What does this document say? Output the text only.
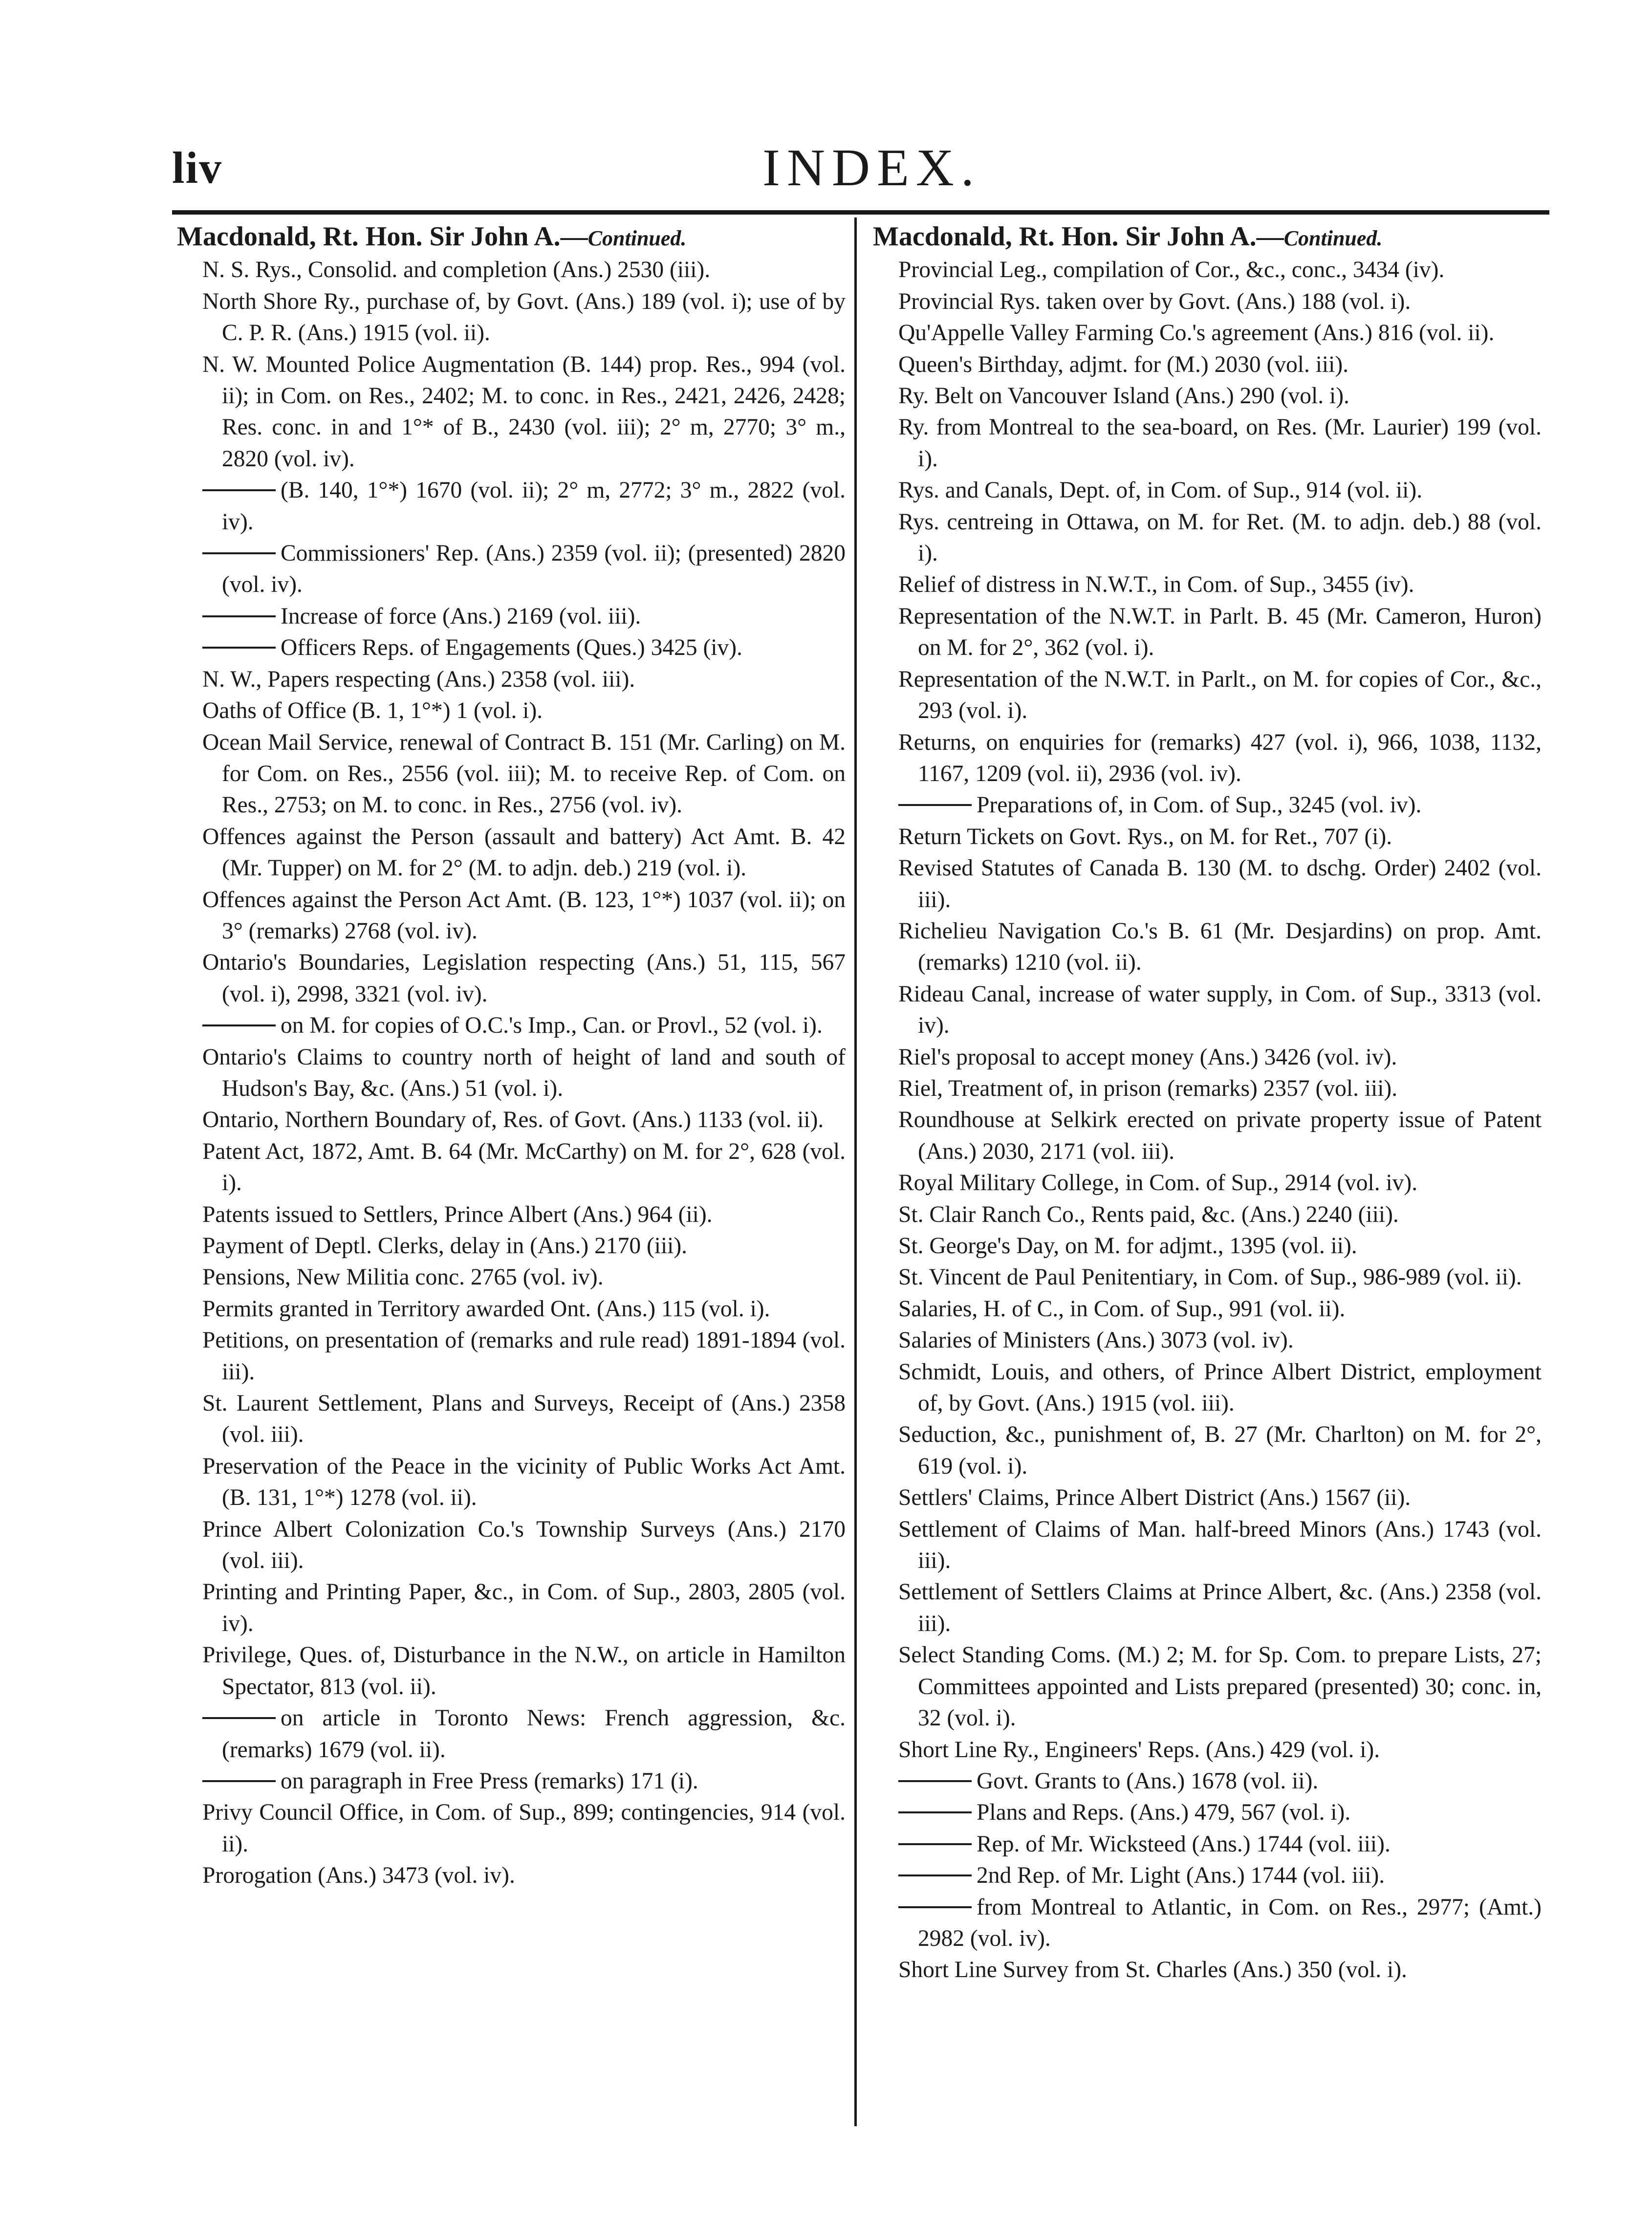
liv	INDEX.
Macdonald, Rt. Hon. Sir John A.—Continued.
N. S. Rys., Consolid. and completion (Ans.) 2530 (iii).
North Shore Ry., purchase of, by Govt. (Ans.) 189 (vol. i); use of by C. P. R. (Ans.) 1915 (vol. ii).
N. W. Mounted Police Augmentation (B. 144) prop. Res., 994 (vol. ii); in Com. on Res., 2402; M. to conc. in Res., 2421, 2426, 2428; Res. conc. in and 1°* of B., 2430 (vol. iii); 2° m, 2770; 3° m., 2820 (vol. iv).
(B. 140, 1°*) 1670 (vol. ii); 2° m, 2772; 3° m., 2822 (vol. iv).
Commissioners' Rep. (Ans.) 2359 (vol. ii); (presented) 2820 (vol. iv).
Increase of force (Ans.) 2169 (vol. iii).
Officers Reps. of Engagements (Ques.) 3425 (iv).
N. W., Papers respecting (Ans.) 2358 (vol. iii).
Oaths of Office (B. 1, 1°*) 1 (vol. i).
Ocean Mail Service, renewal of Contract B. 151 (Mr. Carling) on M. for Com. on Res., 2556 (vol. iii); M. to receive Rep. of Com. on Res., 2753; on M. to conc. in Res., 2756 (vol. iv).
Offences against the Person (assault and battery) Act Amt. B. 42 (Mr. Tupper) on M. for 2° (M. to adjn. deb.) 219 (vol. i).
Offences against the Person Act Amt. (B. 123, 1°*) 1037 (vol. ii); on 3° (remarks) 2768 (vol. iv).
Ontario's Boundaries, Legislation respecting (Ans.) 51, 115, 567 (vol. i), 2998, 3321 (vol. iv).
on M. for copies of O.C.'s Imp., Can. or Provl., 52 (vol. i).
Ontario's Claims to country north of height of land and south of Hudson's Bay, &c. (Ans.) 51 (vol. i).
Ontario, Northern Boundary of, Res. of Govt. (Ans.) 1133 (vol. ii).
Patent Act, 1872, Amt. B. 64 (Mr. McCarthy) on M. for 2°, 628 (vol. i).
Patents issued to Settlers, Prince Albert (Ans.) 964 (ii).
Payment of Deptl. Clerks, delay in (Ans.) 2170 (iii).
Pensions, New Militia conc. 2765 (vol. iv).
Permits granted in Territory awarded Ont. (Ans.) 115 (vol. i).
Petitions, on presentation of (remarks and rule read) 1891-1894 (vol. iii).
St. Laurent Settlement, Plans and Surveys, Receipt of (Ans.) 2358 (vol. iii).
Preservation of the Peace in the vicinity of Public Works Act Amt. (B. 131, 1°*) 1278 (vol. ii).
Prince Albert Colonization Co.'s Township Surveys (Ans.) 2170 (vol. iii).
Printing and Printing Paper, &c., in Com. of Sup., 2803, 2805 (vol. iv).
Privilege, Ques. of, Disturbance in the N.W., on article in Hamilton Spectator, 813 (vol. ii).
on article in Toronto News: French aggression, &c. (remarks) 1679 (vol. ii).
on paragraph in Free Press (remarks) 171 (i).
Privy Council Office, in Com. of Sup., 899; contingencies, 914 (vol. ii).
Prorogation (Ans.) 3473 (vol. iv).
Macdonald, Rt. Hon. Sir John A.—Continued.
Provincial Leg., compilation of Cor., &c., conc., 3434 (iv).
Provincial Rys. taken over by Govt. (Ans.) 188 (vol. i).
Qu'Appelle Valley Farming Co.'s agreement (Ans.) 816 (vol. ii).
Queen's Birthday, adjmt. for (M.) 2030 (vol. iii).
Ry. Belt on Vancouver Island (Ans.) 290 (vol. i).
Ry. from Montreal to the sea-board, on Res. (Mr. Laurier) 199 (vol. i).
Rys. and Canals, Dept. of, in Com. of Sup., 914 (vol. ii).
Rys. centreing in Ottawa, on M. for Ret. (M. to adjn. deb.) 88 (vol. i).
Relief of distress in N.W.T., in Com. of Sup., 3455 (iv).
Representation of the N.W.T. in Parlt. B. 45 (Mr. Cameron, Huron) on M. for 2°, 362 (vol. i).
Representation of the N.W.T. in Parlt., on M. for copies of Cor., &c., 293 (vol. i).
Returns, on enquiries for (remarks) 427 (vol. i), 966, 1038, 1132, 1167, 1209 (vol. ii), 2936 (vol. iv).
Preparations of, in Com. of Sup., 3245 (vol. iv).
Return Tickets on Govt. Rys., on M. for Ret., 707 (i).
Revised Statutes of Canada B. 130 (M. to dschg. Order) 2402 (vol. iii).
Richelieu Navigation Co.'s B. 61 (Mr. Desjardins) on prop. Amt. (remarks) 1210 (vol. ii).
Rideau Canal, increase of water supply, in Com. of Sup., 3313 (vol. iv).
Riel's proposal to accept money (Ans.) 3426 (vol. iv).
Riel, Treatment of, in prison (remarks) 2357 (vol. iii).
Roundhouse at Selkirk erected on private property issue of Patent (Ans.) 2030, 2171 (vol. iii).
Royal Military College, in Com. of Sup., 2914 (vol. iv).
St. Clair Ranch Co., Rents paid, &c. (Ans.) 2240 (iii).
St. George's Day, on M. for adjmt., 1395 (vol. ii).
St. Vincent de Paul Penitentiary, in Com. of Sup., 986-989 (vol. ii).
Salaries, H. of C., in Com. of Sup., 991 (vol. ii).
Salaries of Ministers (Ans.) 3073 (vol. iv).
Schmidt, Louis, and others, of Prince Albert District, employment of, by Govt. (Ans.) 1915 (vol. iii).
Seduction, &c., punishment of, B. 27 (Mr. Charlton) on M. for 2°, 619 (vol. i).
Settlers' Claims, Prince Albert District (Ans.) 1567 (ii).
Settlement of Claims of Man. half-breed Minors (Ans.) 1743 (vol. iii).
Settlement of Settlers Claims at Prince Albert, &c. (Ans.) 2358 (vol. iii).
Select Standing Coms. (M.) 2; M. for Sp. Com. to prepare Lists, 27; Committees appointed and Lists prepared (presented) 30; conc. in, 32 (vol. i).
Short Line Ry., Engineers' Reps. (Ans.) 429 (vol. i).
Govt. Grants to (Ans.) 1678 (vol. ii).
Plans and Reps. (Ans.) 479, 567 (vol. i).
Rep. of Mr. Wicksteed (Ans.) 1744 (vol. iii).
2nd Rep. of Mr. Light (Ans.) 1744 (vol. iii).
from Montreal to Atlantic, in Com. on Res., 2977; (Amt.) 2982 (vol. iv).
Short Line Survey from St. Charles (Ans.) 350 (vol. i).
